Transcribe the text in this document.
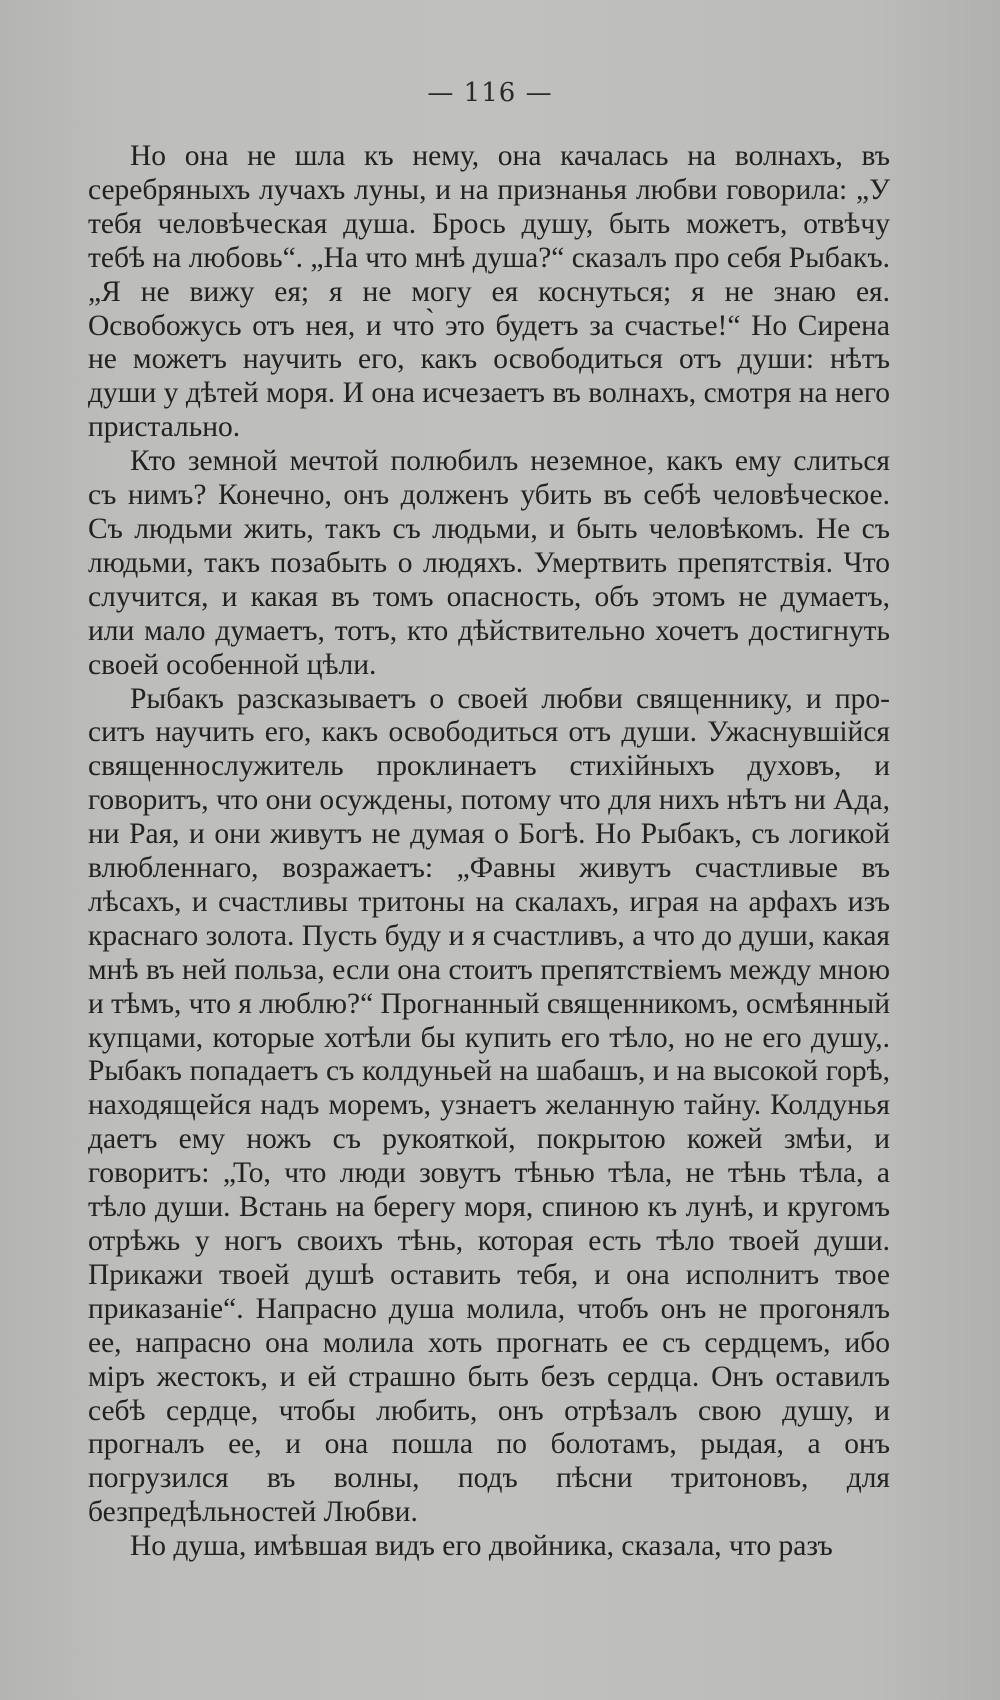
— 116 —

Но она не шла къ нему, она качалась на волнахъ, въ серебряныхъ лучахъ луны, и на признанья любви говорила: „У тебя человѣческая душа. Брось душу, быть можетъ, отвѣчу тебѣ на любовь“. „На что мнѣ душа?“ сказалъ про себя Рыбакъ. „Я не вижу ея; я не могу ея коснуться; я не знаю ея. Освобожусь отъ нея, и что̀ это будетъ за счастье!“ Но Сирена не можетъ научить его, какъ освободиться отъ души: нѣтъ души у дѣтей моря. И она исчезаетъ въ волнахъ, смотря на него пристально.

Кто земной мечтой полюбилъ неземное, какъ ему слиться съ нимъ? Конечно, онъ долженъ убить въ себѣ человѣческое. Съ людьми жить, такъ съ людьми, и быть человѣкомъ. Не съ людьми, такъ позабыть о людяхъ. Умертвить препятствія. Что случится, и какая въ томъ опасность, объ этомъ не думаетъ, или мало думаетъ, тотъ, кто дѣйствительно хочетъ достигнуть своей особенной цѣли.

Рыбакъ разсказываетъ о своей любви священнику, и проситъ научить его, какъ освободиться отъ души. Ужаснувшійся священнослужитель проклинаетъ стихійныхъ духовъ, и говоритъ, что они осуждены, потому что для нихъ нѣтъ ни Ада, ни Рая, и они живутъ не думая о Богѣ. Но Рыбакъ, съ логикой влюбленнаго, возражаетъ: „Фавны живутъ счастливые въ лѣсахъ, и счастливы тритоны на скалахъ, играя на арфахъ изъ краснаго золота. Пусть буду и я счастливъ, а что до души, какая мнѣ въ ней польза, если она стоитъ препятствіемъ между мною и тѣмъ, что я люблю?“ Прогнанный священникомъ, осмѣянный купцами, которые хотѣли бы купить его тѣло, но не его душу,. Рыбакъ попадаетъ съ колдуньей на шабашъ, и на высокой горѣ, находящейся надъ моремъ, узнаетъ желанную тайну. Колдунья даетъ ему ножъ съ рукояткой, покрытою кожей змѣи, и говоритъ: „То, что люди зовутъ тѣнью тѣла, не тѣнь тѣла, а тѣло души. Встань на берегу моря, спиною къ лунѣ, и кругомъ отрѣжь у ногъ своихъ тѣнь, которая есть тѣло твоей души. Прикажи твоей душѣ оставить тебя, и она исполнитъ твое приказаніе“. Напрасно душа молила, чтобъ онъ не прогонялъ ее, напрасно она молила хоть прогнать ее съ сердцемъ, ибо міръ жестокъ, и ей страшно быть безъ сердца. Онъ оставилъ себѣ сердце, чтобы любить, онъ отрѣзалъ свою душу, и прогналъ ее, и она пошла по болотамъ, рыдая, а онъ погрузился въ волны, подъ пѣсни тритоновъ, для безпредѣльностей Любви.

Но душа, имѣвшая видъ его двойника, сказала, что разъ
